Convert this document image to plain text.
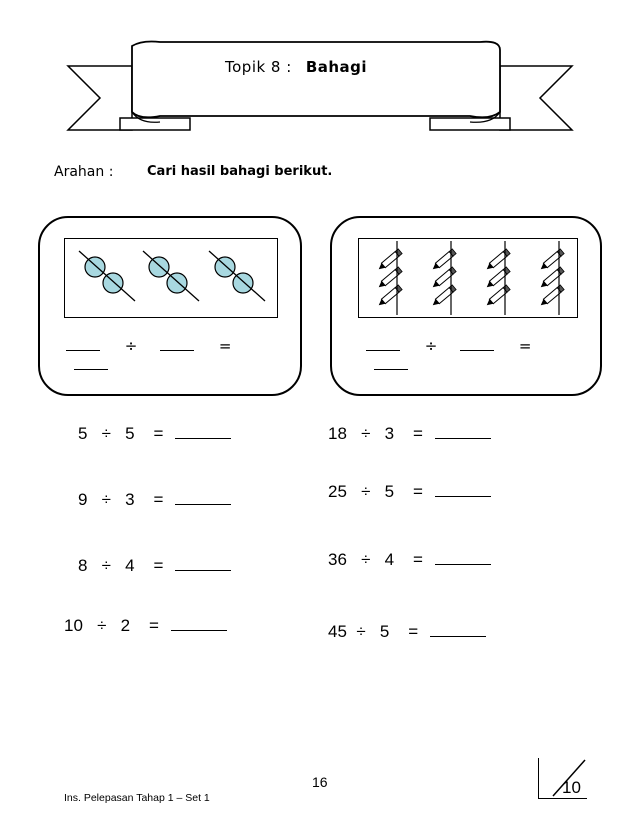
Topik 8 : Bahagi
Arahan :	Cari hasil bahagi berikut.
÷	=	÷	=
5 ÷ 5 =
9 ÷ 3 =
8 ÷ 4 =
10 ÷ 2 =
18 ÷ 3 =
25 ÷ 5 =
36 ÷ 4 =
45 ÷ 5 =
Ins. Pelepasan Tahap 1 – Set 1
16	10
